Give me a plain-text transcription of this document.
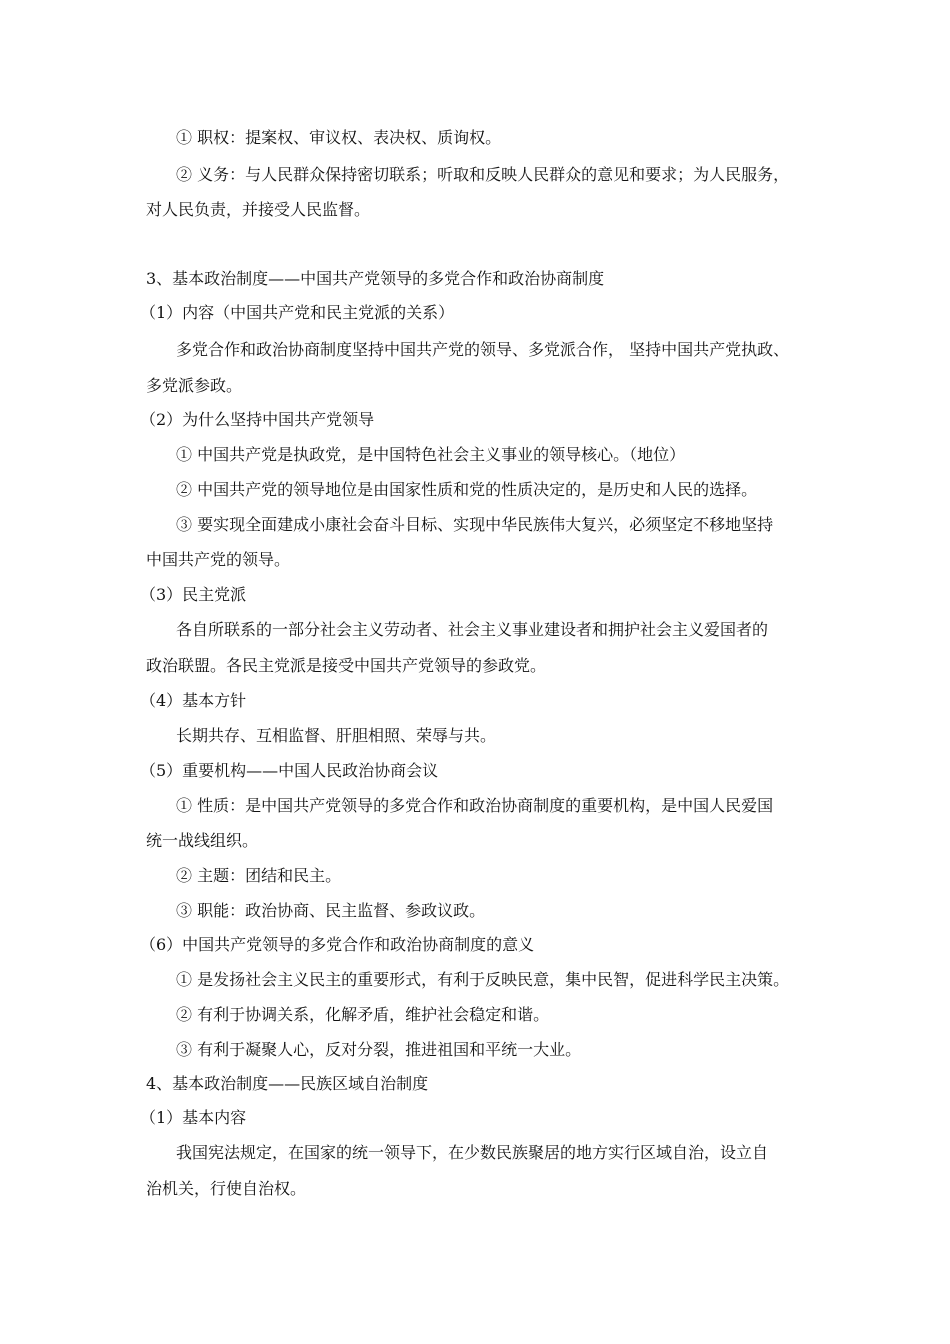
① 职权：提案权、审议权、表决权、质询权。
② 义务：与人民群众保持密切联系；听取和反映人民群众的意见和要求；为人民服务，
对人民负责，并接受人民监督。
3、基本政治制度——中国共产党领导的多党合作和政治协商制度
（1）内容（中国共产党和民主党派的关系）
多党合作和政治协商制度坚持中国共产党的领导、多党派合作， 坚持中国共产党执政、
多党派参政。
（2）为什么坚持中国共产党领导
① 中国共产党是执政党，是中国特色社会主义事业的领导核心。（地位）
② 中国共产党的领导地位是由国家性质和党的性质决定的，是历史和人民的选择。
③ 要实现全面建成小康社会奋斗目标、实现中华民族伟大复兴，必须坚定不移地坚持
中国共产党的领导。
（3）民主党派
各自所联系的一部分社会主义劳动者、社会主义事业建设者和拥护社会主义爱国者的
政治联盟。各民主党派是接受中国共产党领导的参政党。
（4）基本方针
长期共存、互相监督、肝胆相照、荣辱与共。
（5）重要机构——中国人民政治协商会议
① 性质：是中国共产党领导的多党合作和政治协商制度的重要机构，是中国人民爱国
统一战线组织。
② 主题：团结和民主。
③ 职能：政治协商、民主监督、参政议政。
（6）中国共产党领导的多党合作和政治协商制度的意义
① 是发扬社会主义民主的重要形式，有利于反映民意，集中民智，促进科学民主决策。
② 有利于协调关系，化解矛盾，维护社会稳定和谐。
③ 有利于凝聚人心，反对分裂，推进祖国和平统一大业。
4、基本政治制度——民族区域自治制度
（1）基本内容
我国宪法规定，在国家的统一领导下，在少数民族聚居的地方实行区域自治，设立自
治机关，行使自治权。
